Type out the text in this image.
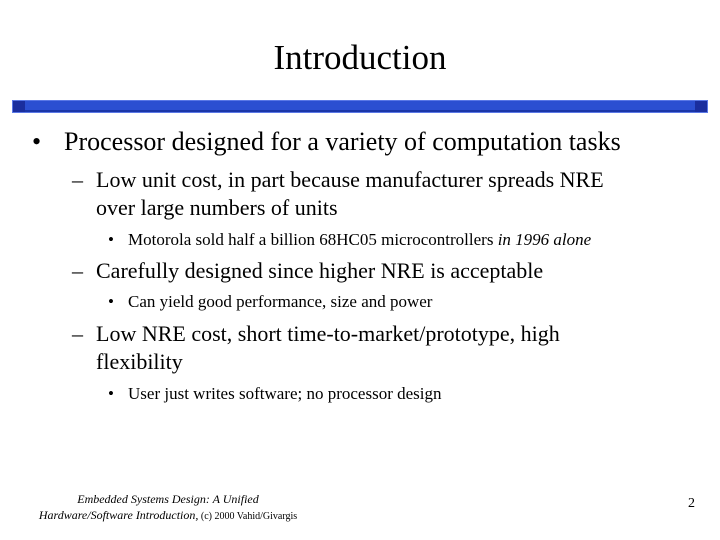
Introduction
• Processor designed for a variety of computation tasks
– Low unit cost, in part because manufacturer spreads NRE
over large numbers of units
• Motorola sold half a billion 68HC05 microcontrollers in 1996 alone
– Carefully designed since higher NRE is acceptable
• Can yield good performance, size and power
– Low NRE cost, short time-to-market/prototype, high
flexibility
• User just writes software; no processor design
Embedded Systems Design: A Unified
Hardware/Software Introduction, (c) 2000 Vahid/Givargis
2
